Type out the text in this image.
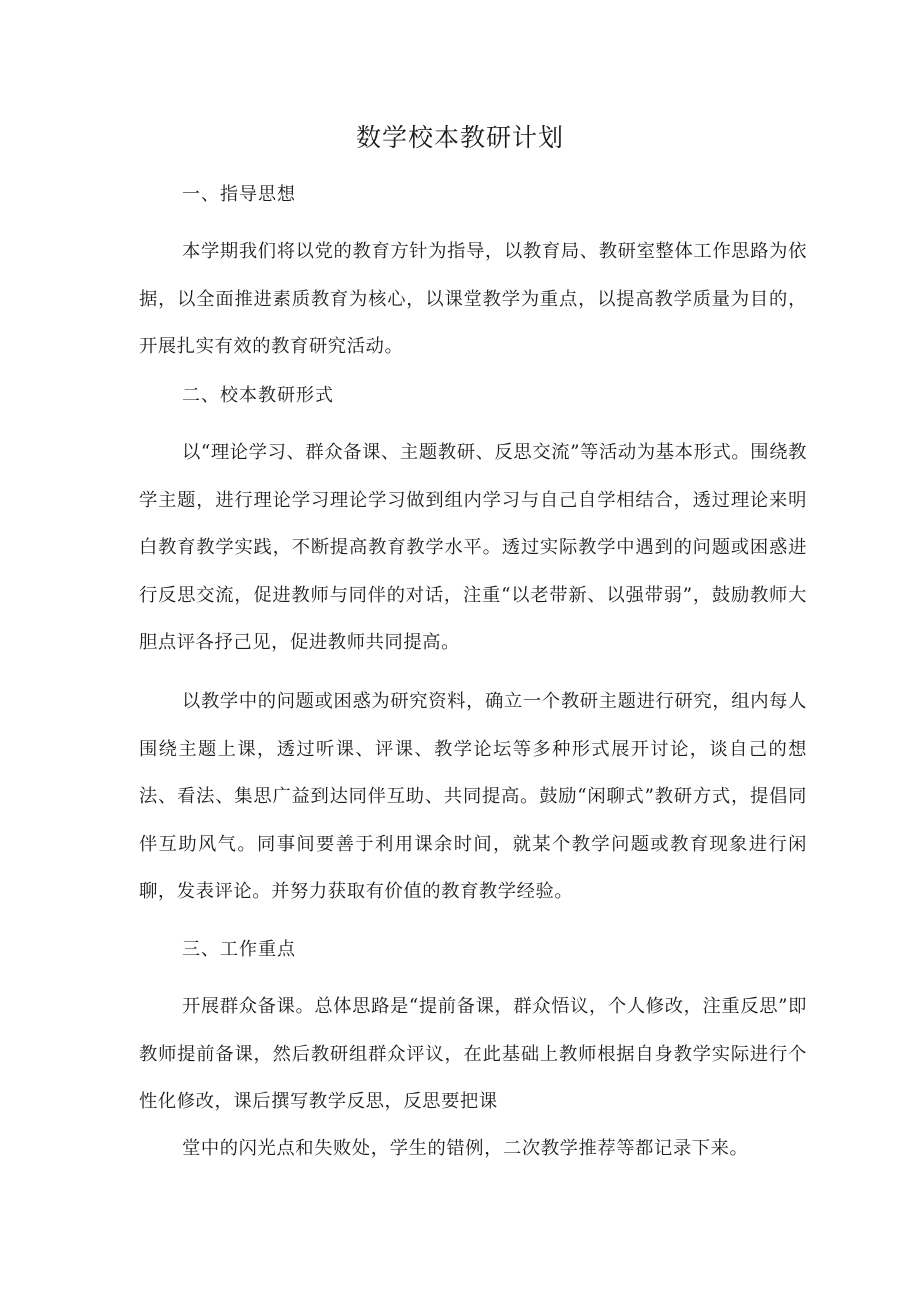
数学校本教研计划
一、指导思想
本学期我们将以党的教育方针为指导，以教育局、教研室整体工作思路为依据，以全面推进素质教育为核心，以课堂教学为重点，以提高教学质量为目的，开展扎实有效的教育研究活动。
二、校本教研形式
以“理论学习、群众备课、主题教研、反思交流”等活动为基本形式。围绕教学主题，进行理论学习理论学习做到组内学习与自己自学相结合，透过理论来明白教育教学实践，不断提高教育教学水平。透过实际教学中遇到的问题或困惑进行反思交流，促进教师与同伴的对话，注重“以老带新、以强带弱”，鼓励教师大胆点评各抒己见，促进教师共同提高。
以教学中的问题或困惑为研究资料，确立一个教研主题进行研究，组内每人围绕主题上课，透过听课、评课、教学论坛等多种形式展开讨论，谈自己的想法、看法、集思广益到达同伴互助、共同提高。鼓励“闲聊式”教研方式，提倡同伴互助风气。同事间要善于利用课余时间，就某个教学问题或教育现象进行闲聊，发表评论。并努力获取有价值的教育教学经验。
三、工作重点
开展群众备课。总体思路是“提前备课，群众悟议，个人修改，注重反思”即教师提前备课，然后教研组群众评议，在此基础上教师根据自身教学实际进行个性化修改，课后撰写教学反思，反思要把课
堂中的闪光点和失败处，学生的错例，二次教学推荐等都记录下来。
